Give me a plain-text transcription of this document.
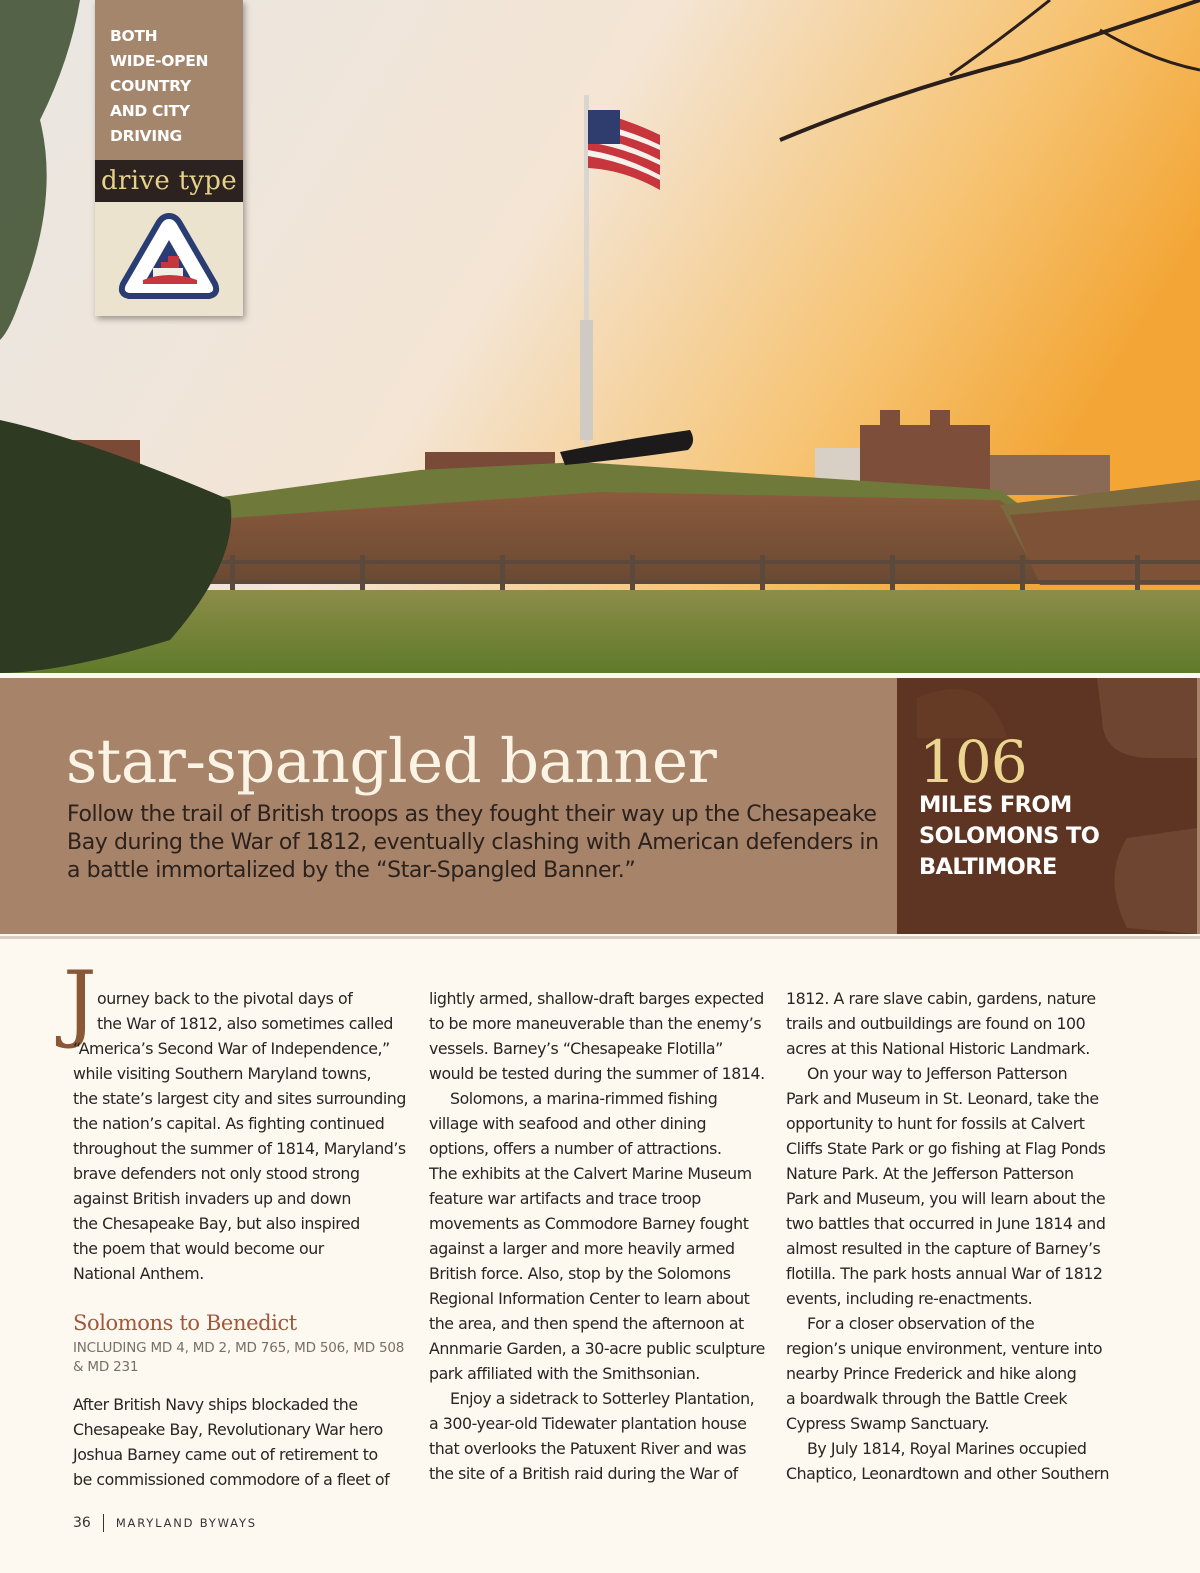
BOTH
WIDE-OPEN
COUNTRY
AND CITY
DRIVING
drive type
star-spangled banner
Follow the trail of British troops as they fought their way up the Chesapeake Bay during the War of 1812, eventually clashing with American defenders in a battle immortalized by the “Star-Spangled Banner.”
106
MILES FROM
SOLOMONS TO
BALTIMORE
J ourney back to the pivotal days of
the War of 1812, also sometimes called
“America’s Second War of Independence,”
while visiting Southern Maryland towns,
the state’s largest city and sites surrounding
the nation’s capital. As fighting continued
throughout the summer of 1814, Maryland’s
brave defenders not only stood strong
against British invaders up and down
the Chesapeake Bay, but also inspired
the poem that would become our
National Anthem.

Solomons to Benedict
INCLUDING MD 4, MD 2, MD 765, MD 506, MD 508 & MD 231

After British Navy ships blockaded the
Chesapeake Bay, Revolutionary War hero
Joshua Barney came out of retirement to
be commissioned commodore of a fleet of

lightly armed, shallow-draft barges expected
to be more maneuverable than the enemy’s
vessels. Barney’s “Chesapeake Flotilla”
would be tested during the summer of 1814.

Solomons, a marina-rimmed fishing
village with seafood and other dining
options, offers a number of attractions.
The exhibits at the Calvert Marine Museum
feature war artifacts and trace troop
movements as Commodore Barney fought
against a larger and more heavily armed
British force. Also, stop by the Solomons
Regional Information Center to learn about
the area, and then spend the afternoon at
Annmarie Garden, a 30-acre public sculpture
park affiliated with the Smithsonian.

Enjoy a sidetrack to Sotterley Plantation,
a 300-year-old Tidewater plantation house
that overlooks the Patuxent River and was
the site of a British raid during the War of

1812. A rare slave cabin, gardens, nature
trails and outbuildings are found on 100
acres at this National Historic Landmark.

On your way to Jefferson Patterson
Park and Museum in St. Leonard, take the
opportunity to hunt for fossils at Calvert
Cliffs State Park or go fishing at Flag Ponds
Nature Park. At the Jefferson Patterson
Park and Museum, you will learn about the
two battles that occurred in June 1814 and
almost resulted in the capture of Barney’s
flotilla. The park hosts annual War of 1812
events, including re-enactments.

For a closer observation of the
region’s unique environment, venture into
nearby Prince Frederick and hike along
a boardwalk through the Battle Creek
Cypress Swamp Sanctuary.

By July 1814, Royal Marines occupied
Chaptico, Leonardtown and other Southern

36 MARYLAND BYWAYS
